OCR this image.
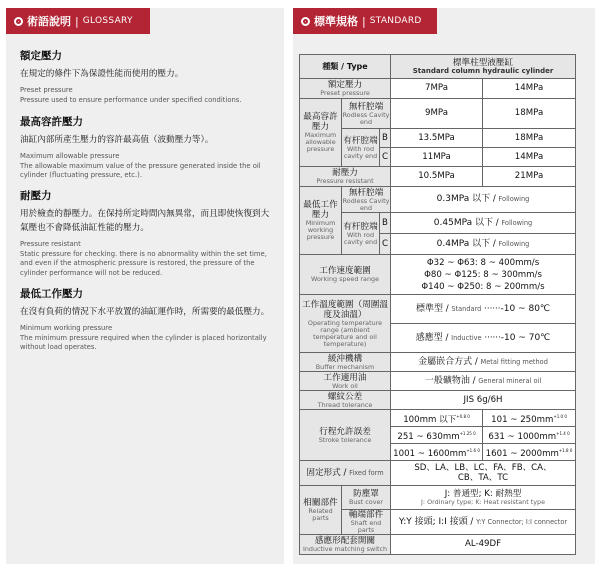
術語說明 | GLOSSARY
額定壓力
在規定的條件下為保證性能而使用的壓力。
Preset pressure
Pressure used to ensure performance under specified conditions.
最高容許壓力
油缸內部所產生壓力的容許最高值（波動壓力等）。
Maximum allowable pressure
The allowable maximum value of the pressure generated inside the oil cylinder (fluctuating pressure, etc.).
耐壓力
用於檢查的靜壓力。在保持所定時間內無異常，而且即使恢復到大氣壓也不會降低油缸性能的壓力。
Pressure resistant
Static pressure for checking. there is no abnormality within the set time, and even if the atmospheric pressure is restored, the pressure of the cylinder performance will not be reduced.
最低工作壓力
在沒有負荷的情況下水平放置的油缸運作時，所需要的最低壓力。
Minimum working pressure
The minimum pressure required when the cylinder is placed horizontally without load operates.
標準規格 | STANDARD
種類 / Type			標準柱型液壓缸
Standard column hydraulic cylinder	

額定壓力
Preset pressure			7MPa	14MPa

最高容許壓力
Maximum allowable pressure	無杆腔端
Rodless Cavity end		9MPa	18MPa

	有杆腔端
With rod cavity end	B	13.5MPa	18MPa
		C	11MPa	14MPa

耐壓力
Pressure resistant			10.5MPa	21MPa

最低工作壓力
Minimum working pressure	無杆腔端
Rodless Cavity end		0.3MPa 以下 / Following	

	有杆腔端
With rod cavity end	B	0.45MPa 以下 / Following	
		C	0.4MPa 以下 / Following	

工作速度範圍
Working speed range			Φ32 ~ Φ63: 8 ~ 400mm/s
Φ80 ~ Φ125: 8 ~ 300mm/s
Φ140 ~ Φ250: 8 ~ 200mm/s	

工作溫度範圍（周圍溫度及油溫）
Operating temperature range (ambient temperature and oil temperature)			標準型 / Standard ······-10 ~ 80℃	
			感應型 / Inductive ······-10 ~ 70℃	

緩沖機構
Buffer mechanism			金屬嵌合方式 / Metal fitting method	

工作適用油
Work oil			一般礦物油 / General mineral oil	

螺紋公差
Thread tolerance			JIS 6g/6H	

行程允許誤差
Stroke tolerance			100mm 以下$^{+0.8 0}$	101 ~ $250mm^{+1.0 0}$
			251 ~ $630mm^{+1.25 0}$	631 ~ $1000mm^{+1.4 0}$
			1001 ~ $1600mm^{+1.6 0}$	1601 ~ $2000mm^{+1.8 0}$

固定形式 / Fixed form			SD、LA、LB、LC、FA、FB、CA、
CB、TA、TC	

相關部件
Related parts	防塵罩
Bust cover		J: 普通型; K: 耐熱型
J: Ordinary type; K: Heat resistant type	

	軸端部件
Shaft end parts		Y:Y 接頭; I:I 接頭 / Y:Y Connector; I:I connector	

感應形配套開關
Inductive matching switch			AL-49DF	
